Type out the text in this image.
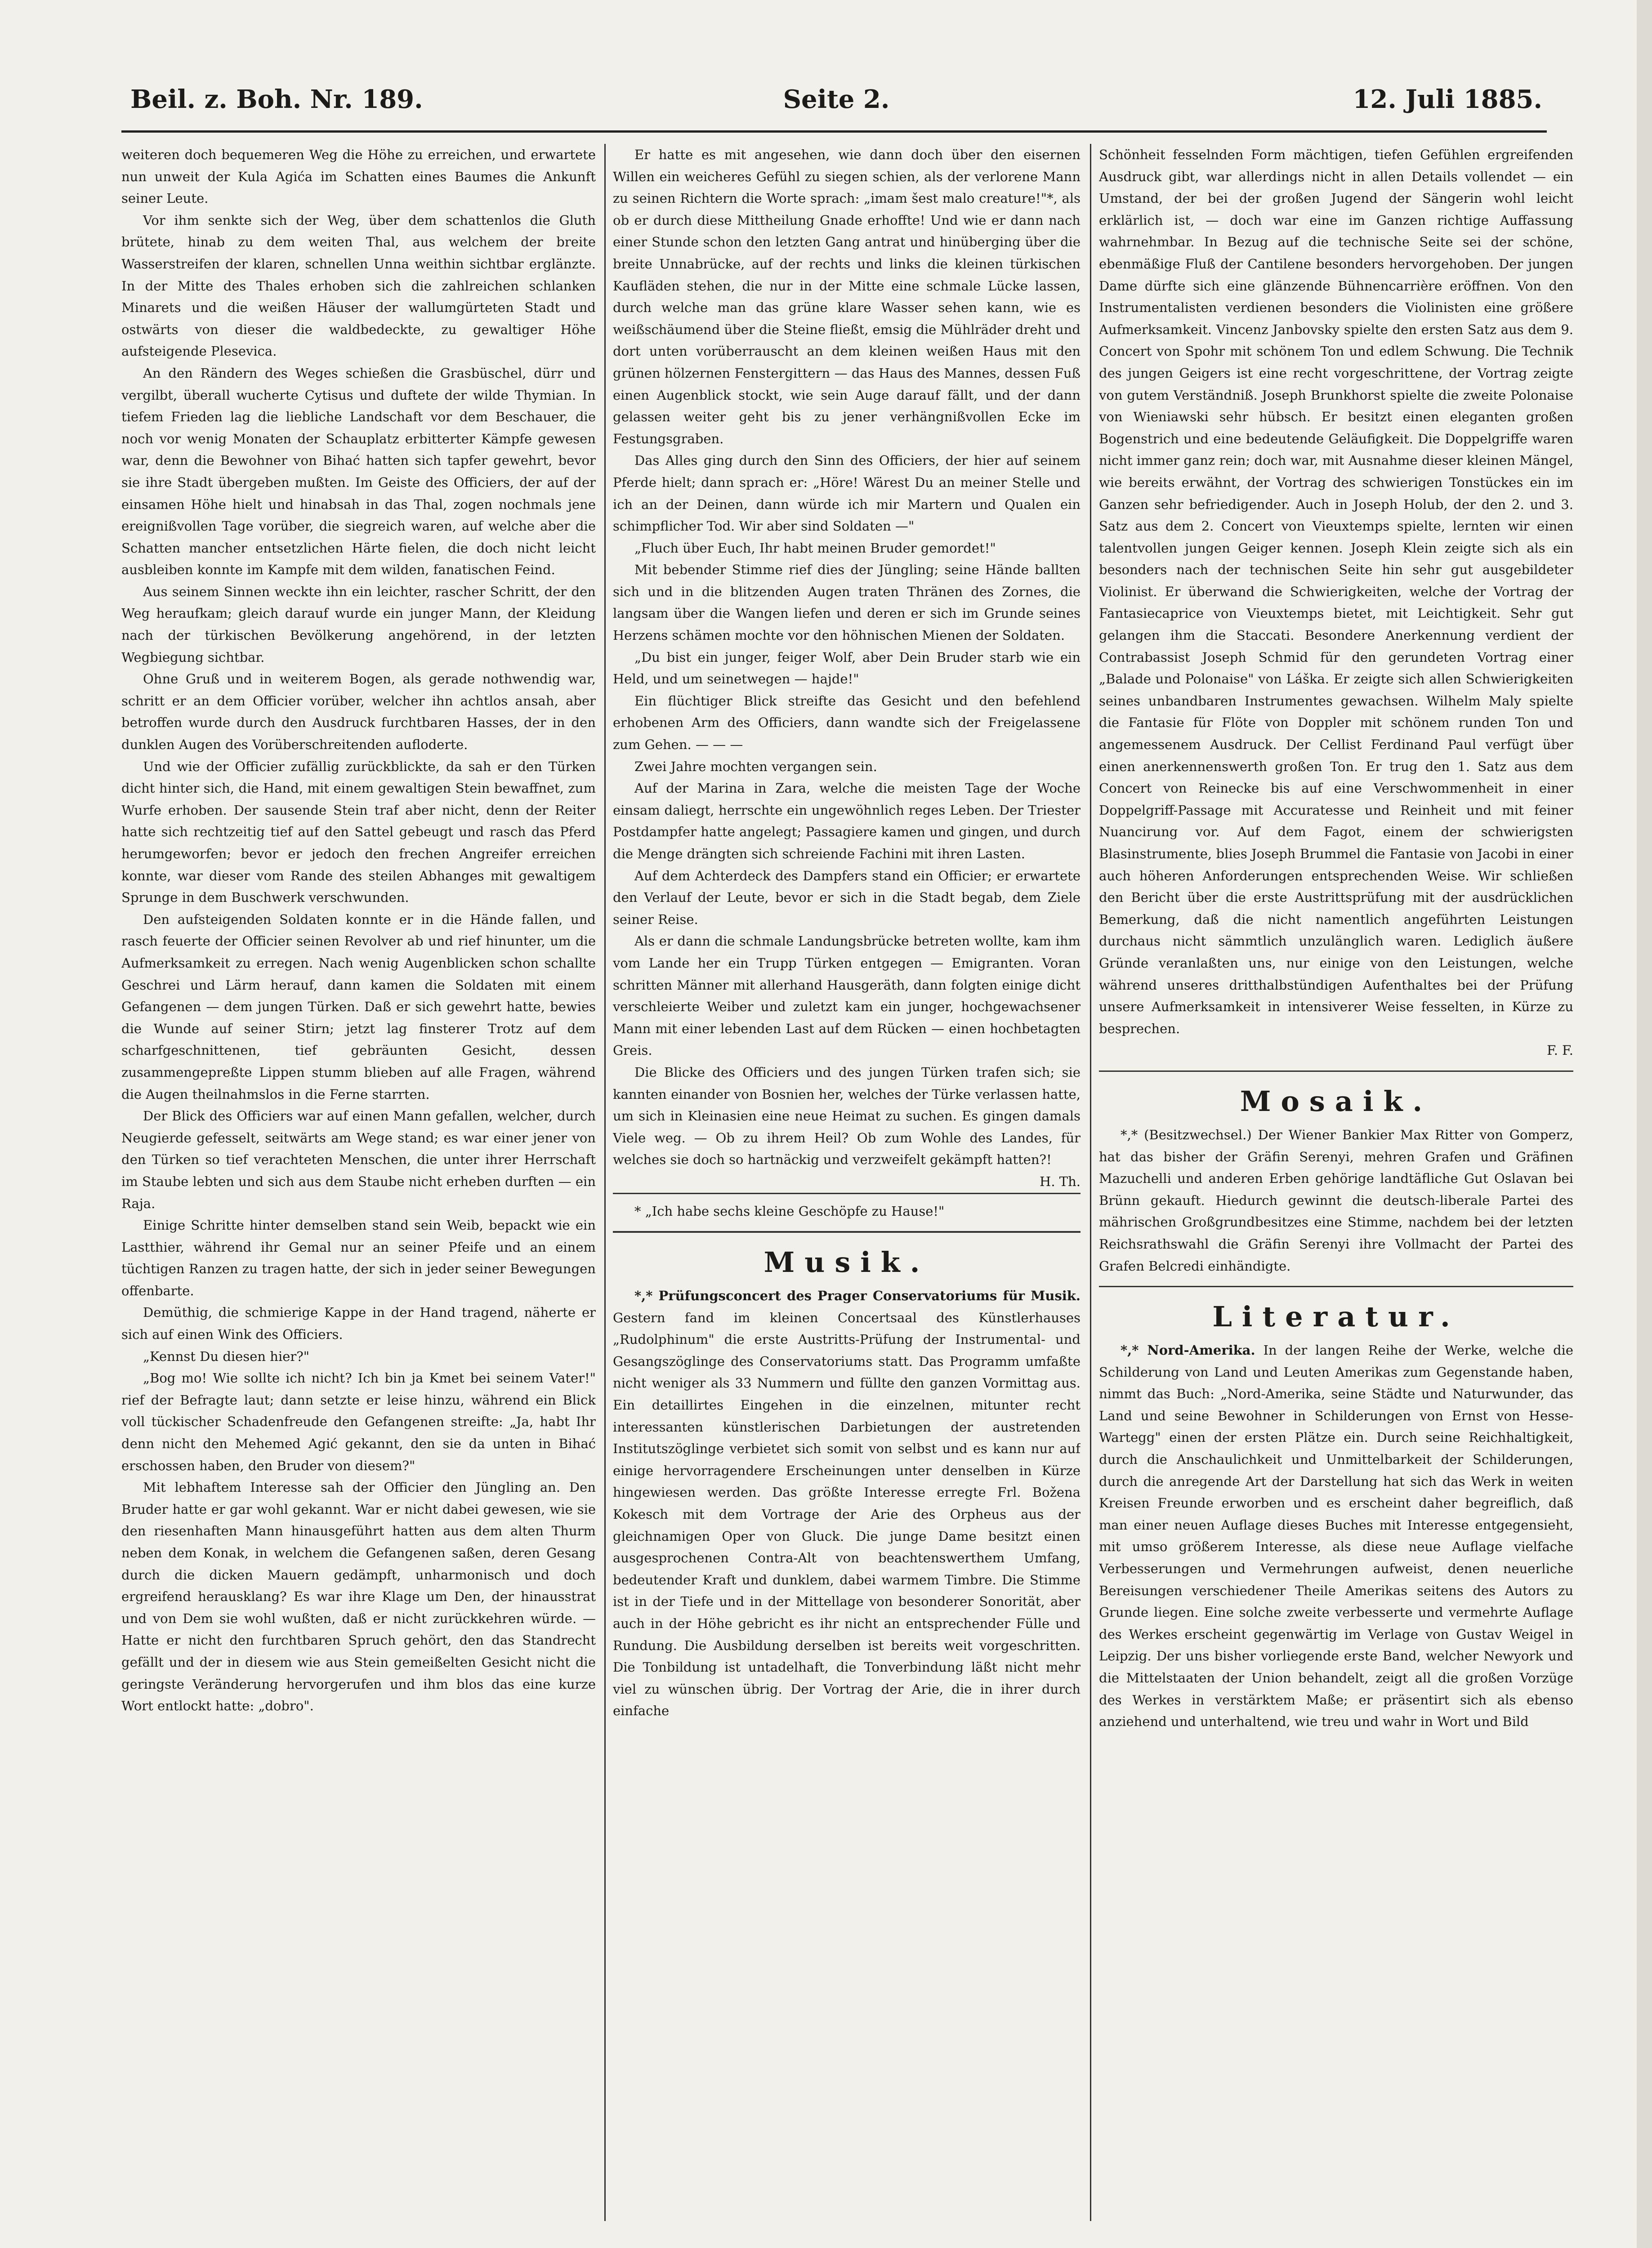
Seite 2.
Beil. z. Boh. Nr. 189.	12. Juli 1885.

weiteren doch bequemeren Weg die Höhe zu erreichen, und erwartete nun unweit der Kula Agića im Schatten eines Baumes die Ankunft seiner Leute.

Vor ihm senkte sich der Weg, über dem schattenlos die Gluth brütete, hinab zu dem weiten Thal, aus welchem der breite Wasserstreifen der klaren, schnellen Unna weithin sichtbar erglänzte. In der Mitte des Thales erhoben sich die zahlreichen schlanken Minarets und die weißen Häuser der wallumgürteten Stadt und ostwärts von dieser die waldbedeckte, zu gewaltiger Höhe aufsteigende Plesevica.

An den Rändern des Weges schießen die Grasbüschel, dürr und vergilbt, überall wucherte Cytisus und duftete der wilde Thymian. In tiefem Frieden lag die liebliche Landschaft vor dem Beschauer, die noch vor wenig Monaten der Schauplatz erbitterter Kämpfe gewesen war, denn die Bewohner von Bihać hatten sich tapfer gewehrt, bevor sie ihre Stadt übergeben mußten. Im Geiste des Officiers, der auf der einsamen Höhe hielt und hinabsah in das Thal, zogen nochmals jene ereignißvollen Tage vorüber, die siegreich waren, auf welche aber die Schatten mancher entsetzlichen Härte fielen, die doch nicht leicht ausbleiben konnte im Kampfe mit dem wilden, fanatischen Feind.

Aus seinem Sinnen weckte ihn ein leichter, rascher Schritt, der den Weg heraufkam; gleich darauf wurde ein junger Mann, der Kleidung nach der türkischen Bevölkerung angehörend, in der letzten Wegbiegung sichtbar.

Ohne Gruß und in weiterem Bogen, als gerade nothwendig war, schritt er an dem Officier vorüber, welcher ihn achtlos ansah, aber betroffen wurde durch den Ausdruck furchtbaren Hasses, der in den dunklen Augen des Vorüberschreitenden aufloderte.

Und wie der Officier zufällig zurückblickte, da sah er den Türken dicht hinter sich, die Hand, mit einem gewaltigen Stein bewaffnet, zum Wurfe erhoben. Der sausende Stein traf aber nicht, denn der Reiter hatte sich rechtzeitig tief auf den Sattel gebeugt und rasch das Pferd herumgeworfen; bevor er jedoch den frechen Angreifer erreichen konnte, war dieser vom Rande des steilen Abhanges mit gewaltigem Sprunge in dem Buschwerk verschwunden.

Den aufsteigenden Soldaten konnte er in die Hände fallen, und rasch feuerte der Officier seinen Revolver ab und rief hinunter, um die Aufmerksamkeit zu erregen. Nach wenig Augenblicken schon schallte Geschrei und Lärm herauf, dann kamen die Soldaten mit einem Gefangenen — dem jungen Türken. Daß er sich gewehrt hatte, bewies die Wunde auf seiner Stirn; jetzt lag finsterer Trotz auf dem scharfgeschnittenen, tief gebräunten Gesicht, dessen zusammengepreßte Lippen stumm blieben auf alle Fragen, während die Augen theilnahmslos in die Ferne starrten.

Der Blick des Officiers war auf einen Mann gefallen, welcher, durch Neugierde gefesselt, seitwärts am Wege stand; es war einer jener von den Türken so tief verachteten Menschen, die unter ihrer Herrschaft im Staube lebten und sich aus dem Staube nicht erheben durften — ein Raja.

Einige Schritte hinter demselben stand sein Weib, bepackt wie ein Lastthier, während ihr Gemal nur an seiner Pfeife und an einem tüchtigen Ranzen zu tragen hatte, der sich in jeder seiner Bewegungen offenbarte.

Demüthig, die schmierige Kappe in der Hand tragend, näherte er sich auf einen Wink des Officiers.

„Kennst Du diesen hier?"

„Bog mo! Wie sollte ich nicht? Ich bin ja Kmet bei seinem Vater!" rief der Befragte laut; dann setzte er leise hinzu, während ein Blick voll tückischer Schadenfreude den Gefangenen streifte: „Ja, habt Ihr denn nicht den Mehemed Agić gekannt, den sie da unten in Bihać erschossen haben, den Bruder von diesem?"

Mit lebhaftem Interesse sah der Officier den Jüngling an. Den Bruder hatte er gar wohl gekannt. War er nicht dabei gewesen, wie sie den riesenhaften Mann hinausgeführt hatten aus dem alten Thurm neben dem Konak, in welchem die Gefangenen saßen, deren Gesang durch die dicken Mauern gedämpft, unharmonisch und doch ergreifend herausklang? Es war ihre Klage um Den, der hinausstrat und von Dem sie wohl wußten, daß er nicht zurückkehren würde. — Hatte er nicht den furchtbaren Spruch gehört, den das Standrecht gefällt und der in diesem wie aus Stein gemeißelten Gesicht nicht die geringste Veränderung hervorgerufen und ihm blos das eine kurze Wort entlockt hatte: „dobro".

Er hatte es mit angesehen, wie dann doch über den eisernen Willen ein weicheres Gefühl zu siegen schien, als der verlorene Mann zu seinen Richtern die Worte sprach: „imam šest malo creature!"*, als ob er durch diese Mittheilung Gnade erhoffte! Und wie er dann nach einer Stunde schon den letzten Gang antrat und hinüberging über die breite Unnabrücke, auf der rechts und links die kleinen türkischen Kaufläden stehen, die nur in der Mitte eine schmale Lücke lassen, durch welche man das grüne klare Wasser sehen kann, wie es weißschäumend über die Steine fließt, emsig die Mühlräder dreht und dort unten vorüberrauscht an dem kleinen weißen Haus mit den grünen hölzernen Fenstergittern — das Haus des Mannes, dessen Fuß einen Augenblick stockt, wie sein Auge darauf fällt, und der dann gelassen weiter geht bis zu jener verhängnißvollen Ecke im Festungsgraben.

Das Alles ging durch den Sinn des Officiers, der hier auf seinem Pferde hielt; dann sprach er: „Höre! Wärest Du an meiner Stelle und ich an der Deinen, dann würde ich mir Martern und Qualen ein schimpflicher Tod. Wir aber sind Soldaten —"

„Fluch über Euch, Ihr habt meinen Bruder gemordet!"

Mit bebender Stimme rief dies der Jüngling; seine Hände ballten sich und in die blitzenden Augen traten Thränen des Zornes, die langsam über die Wangen liefen und deren er sich im Grunde seines Herzens schämen mochte vor den höhnischen Mienen der Soldaten.

„Du bist ein junger, feiger Wolf, aber Dein Bruder starb wie ein Held, und um seinetwegen — hajde!"

Ein flüchtiger Blick streifte das Gesicht und den befehlend erhobenen Arm des Officiers, dann wandte sich der Freigelassene zum Gehen. — — —

Zwei Jahre mochten vergangen sein.

Auf der Marina in Zara, welche die meisten Tage der Woche einsam daliegt, herrschte ein ungewöhnlich reges Leben. Der Triester Postdampfer hatte angelegt; Passagiere kamen und gingen, und durch die Menge drängten sich schreiende Fachini mit ihren Lasten.

Auf dem Achterdeck des Dampfers stand ein Officier; er erwartete den Verlauf der Leute, bevor er sich in die Stadt begab, dem Ziele seiner Reise.

Als er dann die schmale Landungsbrücke betreten wollte, kam ihm vom Lande her ein Trupp Türken entgegen — Emigranten. Voran schritten Männer mit allerhand Hausgeräth, dann folgten einige dicht verschleierte Weiber und zuletzt kam ein junger, hochgewachsener Mann mit einer lebenden Last auf dem Rücken — einen hochbetagten Greis.

Die Blicke des Officiers und des jungen Türken trafen sich; sie kannten einander von Bosnien her, welches der Türke verlassen hatte, um sich in Kleinasien eine neue Heimat zu suchen. Es gingen damals Viele weg. — Ob zu ihrem Heil? Ob zum Wohle des Landes, für welches sie doch so hartnäckig und verzweifelt gekämpft hatten?!

H. Th.

* „Ich habe sechs kleine Geschöpfe zu Hause!"

Musik.

*,* Prüfungsconcert des Prager Conservatoriums für Musik. Gestern fand im kleinen Concertsaal des Künstlerhauses „Rudolphinum" die erste Austritts-Prüfung der Instrumental- und Gesangszöglinge des Conservatoriums statt. Das Programm umfaßte nicht weniger als 33 Nummern und füllte den ganzen Vormittag aus. Ein detaillirtes Eingehen in die einzelnen, mitunter recht interessanten künstlerischen Darbietungen der austretenden Institutszöglinge verbietet sich somit von selbst und es kann nur auf einige hervorragendere Erscheinungen unter denselben in Kürze hingewiesen werden. Das größte Interesse erregte Frl. Božena Kokesch mit dem Vortrage der Arie des Orpheus aus der gleichnamigen Oper von Gluck. Die junge Dame besitzt einen ausgesprochenen Contra-Alt von beachtenswerthem Umfang, bedeutender Kraft und dunklem, dabei warmem Timbre. Die Stimme ist in der Tiefe und in der Mittellage von besonderer Sonorität, aber auch in der Höhe gebricht es ihr nicht an entsprechender Fülle und Rundung. Die Ausbildung derselben ist bereits weit vorgeschritten. Die Tonbildung ist untadelhaft, die Tonverbindung läßt nicht mehr viel zu wünschen übrig. Der Vortrag der Arie, die in ihrer durch einfache

Schönheit fesselnden Form mächtigen, tiefen Gefühlen ergreifenden Ausdruck gibt, war allerdings nicht in allen Details vollendet — ein Umstand, der bei der großen Jugend der Sängerin wohl leicht erklärlich ist, — doch war eine im Ganzen richtige Auffassung wahrnehmbar. In Bezug auf die technische Seite sei der schöne, ebenmäßige Fluß der Cantilene besonders hervorgehoben. Der jungen Dame dürfte sich eine glänzende Bühnencarrière eröffnen. Von den Instrumentalisten verdienen besonders die Violinisten eine größere Aufmerksamkeit. Vincenz Janbovsky spielte den ersten Satz aus dem 9. Concert von Spohr mit schönem Ton und edlem Schwung. Die Technik des jungen Geigers ist eine recht vorgeschrittene, der Vortrag zeigte von gutem Verständniß. Joseph Brunkhorst spielte die zweite Polonaise von Wieniawski sehr hübsch. Er besitzt einen eleganten großen Bogenstrich und eine bedeutende Geläufigkeit. Die Doppelgriffe waren nicht immer ganz rein; doch war, mit Ausnahme dieser kleinen Mängel, wie bereits erwähnt, der Vortrag des schwierigen Tonstückes ein im Ganzen sehr befriedigender. Auch in Joseph Holub, der den 2. und 3. Satz aus dem 2. Concert von Vieuxtemps spielte, lernten wir einen talentvollen jungen Geiger kennen. Joseph Klein zeigte sich als ein besonders nach der technischen Seite hin sehr gut ausgebildeter Violinist. Er überwand die Schwierigkeiten, welche der Vortrag der Fantasiecaprice von Vieuxtemps bietet, mit Leichtigkeit. Sehr gut gelangen ihm die Staccati. Besondere Anerkennung verdient der Contrabassist Joseph Schmid für den gerundeten Vortrag einer „Balade und Polonaise" von Láška. Er zeigte sich allen Schwierigkeiten seines unbandbaren Instrumentes gewachsen. Wilhelm Maly spielte die Fantasie für Flöte von Doppler mit schönem runden Ton und angemessenem Ausdruck. Der Cellist Ferdinand Paul verfügt über einen anerkennenswerth großen Ton. Er trug den 1. Satz aus dem Concert von Reinecke bis auf eine Verschwommenheit in einer Doppelgriff-Passage mit Accuratesse und Reinheit und mit feiner Nuancirung vor. Auf dem Fagot, einem der schwierigsten Blasinstrumente, blies Joseph Brummel die Fantasie von Jacobi in einer auch höheren Anforderungen entsprechenden Weise. Wir schließen den Bericht über die erste Austrittsprüfung mit der ausdrücklichen Bemerkung, daß die nicht namentlich angeführten Leistungen durchaus nicht sämmtlich unzulänglich waren. Lediglich äußere Gründe veranlaßten uns, nur einige von den Leistungen, welche während unseres dritthalbstündigen Aufenthaltes bei der Prüfung unsere Aufmerksamkeit in intensiverer Weise fesselten, in Kürze zu besprechen.

F. F.

Mosaik.

*,* (Besitzwechsel.) Der Wiener Bankier Max Ritter von Gomperz, hat das bisher der Gräfin Serenyi, mehren Grafen und Gräfinen Mazuchelli und anderen Erben gehörige landtäfliche Gut Oslavan bei Brünn gekauft. Hiedurch gewinnt die deutsch-liberale Partei des mährischen Großgrundbesitzes eine Stimme, nachdem bei der letzten Reichsrathswahl die Gräfin Serenyi ihre Vollmacht der Partei des Grafen Belcredi einhändigte.

Literatur.

*,* Nord-Amerika. In der langen Reihe der Werke, welche die Schilderung von Land und Leuten Amerikas zum Gegenstande haben, nimmt das Buch: „Nord-Amerika, seine Städte und Naturwunder, das Land und seine Bewohner in Schilderungen von Ernst von Hesse-Wartegg" einen der ersten Plätze ein. Durch seine Reichhaltigkeit, durch die Anschaulichkeit und Unmittelbarkeit der Schilderungen, durch die anregende Art der Darstellung hat sich das Werk in weiten Kreisen Freunde erworben und es erscheint daher begreiflich, daß man einer neuen Auflage dieses Buches mit Interesse entgegensieht, mit umso größerem Interesse, als diese neue Auflage vielfache Verbesserungen und Vermehrungen aufweist, denen neuerliche Bereisungen verschiedener Theile Amerikas seitens des Autors zu Grunde liegen. Eine solche zweite verbesserte und vermehrte Auflage des Werkes erscheint gegenwärtig im Verlage von Gustav Weigel in Leipzig. Der uns bisher vorliegende erste Band, welcher Newyork und die Mittelstaaten der Union behandelt, zeigt all die großen Vorzüge des Werkes in verstärktem Maße; er präsentirt sich als ebenso anziehend und unterhaltend, wie treu und wahr in Wort und Bild
